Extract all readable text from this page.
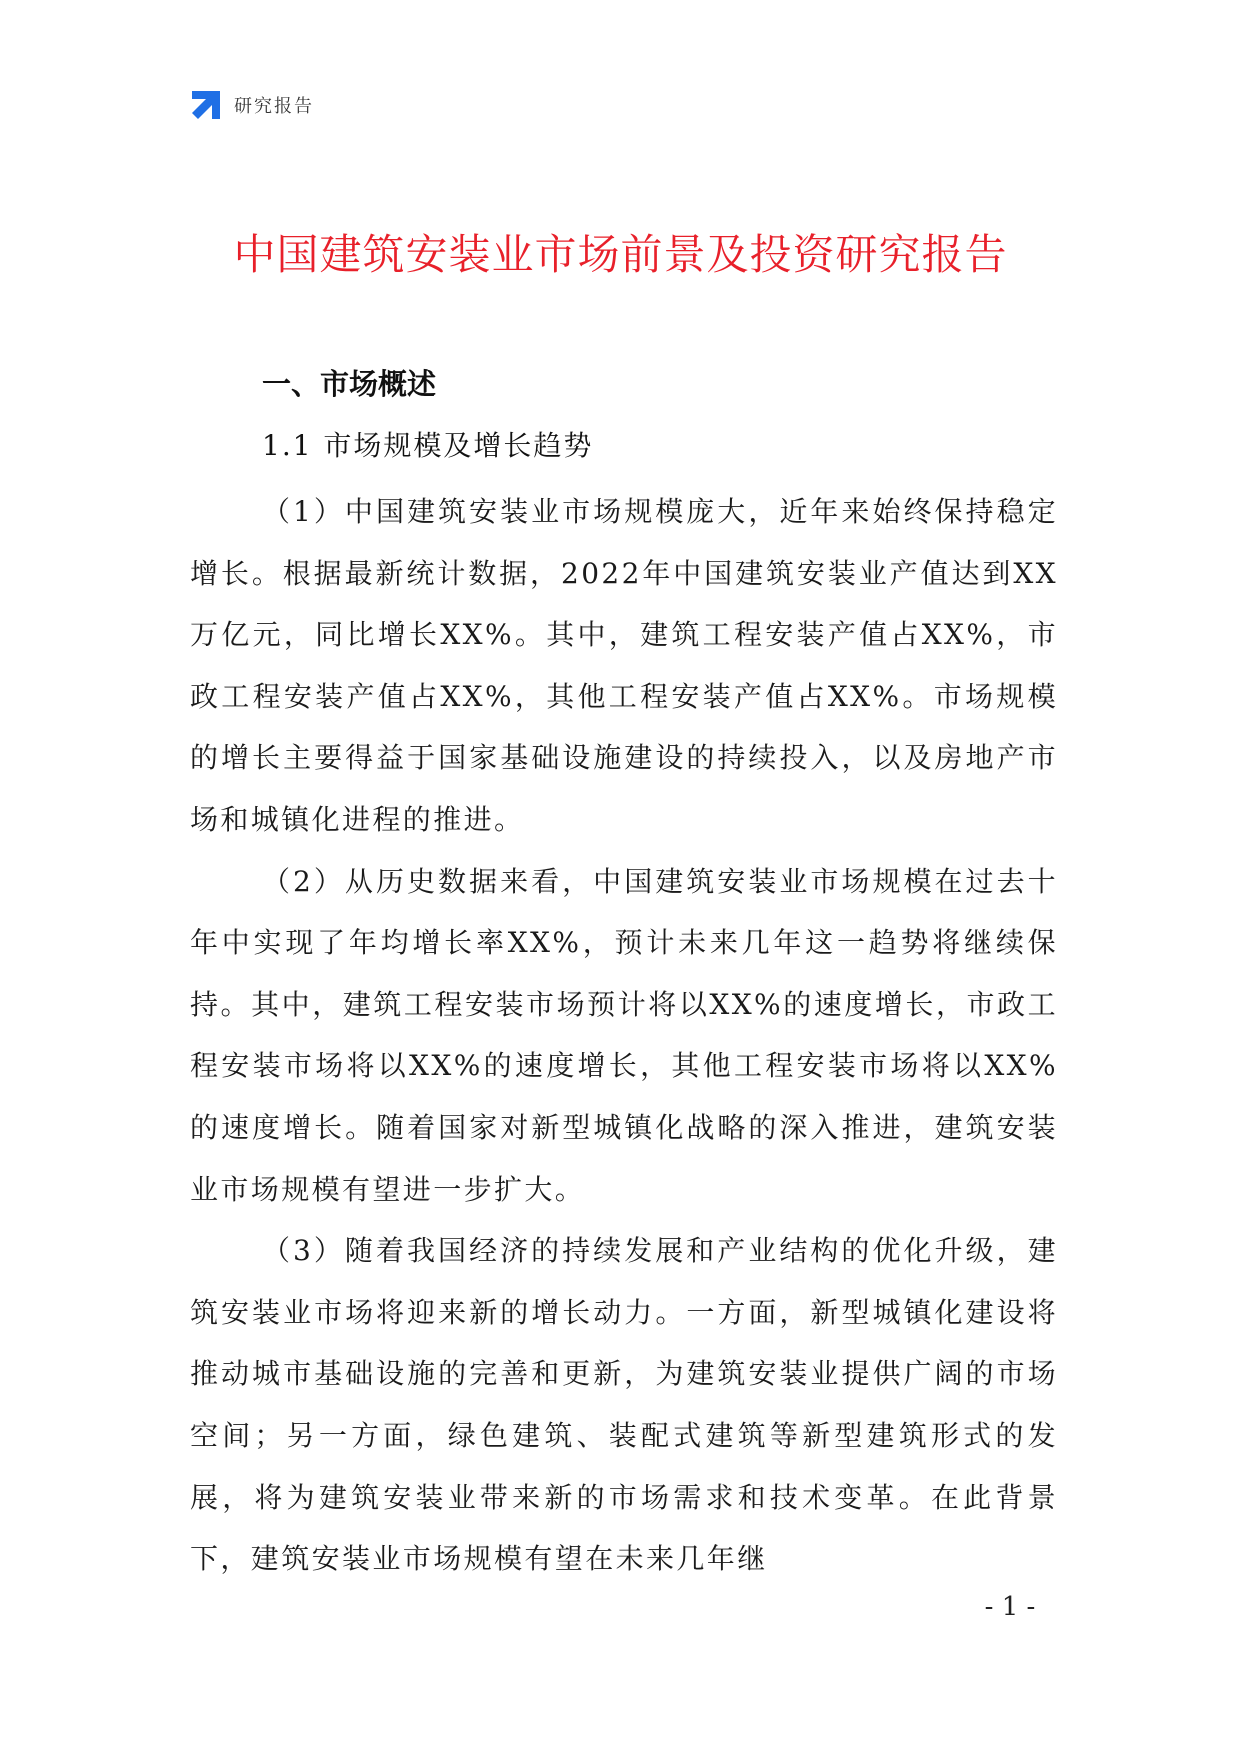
研究报告
中国建筑安装业市场前景及投资研究报告
一、市场概述
1.1 市场规模及增长趋势

（1）中国建筑安装业市场规模庞大，近年来始终保持稳定增长。根据最新统计数据，2022年中国建筑安装业产值达到XX万亿元，同比增长XX%。其中，建筑工程安装产值占XX%，市政工程安装产值占XX%，其他工程安装产值占XX%。市场规模的增长主要得益于国家基础设施建设的持续投入，以及房地产市场和城镇化进程的推进。

（2）从历史数据来看，中国建筑安装业市场规模在过去十年中实现了年均增长率XX%，预计未来几年这一趋势将继续保持。其中，建筑工程安装市场预计将以XX%的速度增长，市政工程安装市场将以XX%的速度增长，其他工程安装市场将以XX%的速度增长。随着国家对新型城镇化战略的深入推进，建筑安装业市场规模有望进一步扩大。

（3）随着我国经济的持续发展和产业结构的优化升级，建筑安装业市场将迎来新的增长动力。一方面，新型城镇化建设将推动城市基础设施的完善和更新，为建筑安装业提供广阔的市场空间；另一方面，绿色建筑、装配式建筑等新型建筑形式的发展，将为建筑安装业带来新的市场需求和技术变革。在此背景下，建筑安装业市场规模有望在未来几年继

- 1 -
